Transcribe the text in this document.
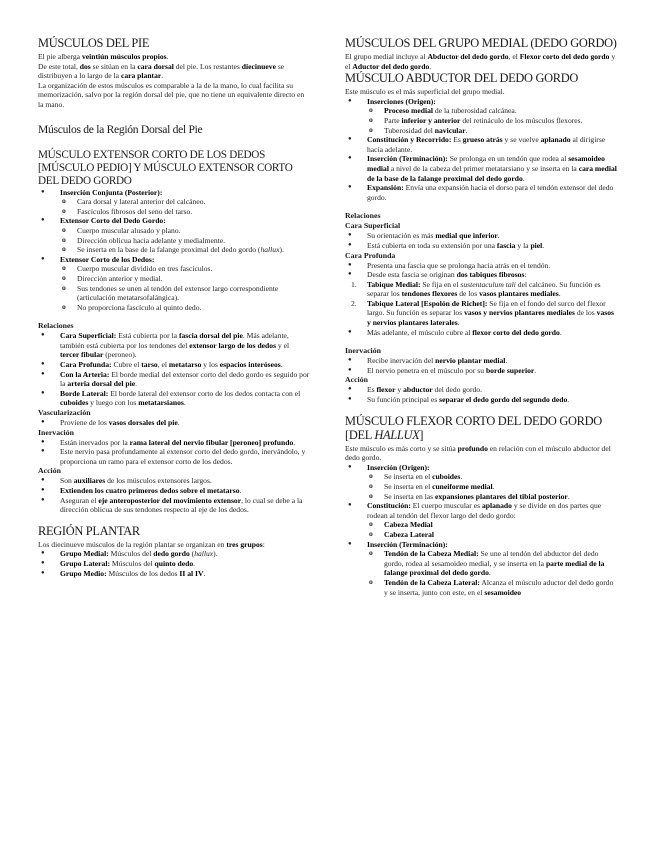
MÚSCULOS DEL PIE

El pie alberga veintiún músculos propios.

De este total, dos se sitúan en la cara dorsal del pie. Los restantes diecinueve se distribuyen a lo largo de la cara plantar.

La organización de estos músculos es comparable a la de la mano, lo cual facilita su memorización, salvo por la región dorsal del pie, que no tiene un equivalente directo en la mano.

Músculos de la Región Dorsal del Pie
MÚSCULO EXTENSOR CORTO DE LOS DEDOS [MÚSCULO PEDIO] Y MÚSCULO EXTENSOR CORTO DEL DEDO GORDO
● Inserción Conjunta (Posterior):
o Cara dorsal y lateral anterior del calcáneo.
o Fascículos fibrosos del seno del tarso.
● Extensor Corto del Dedo Gordo:
o Cuerpo muscular alusado y plano.
o Dirección oblicua hacia adelante y medialmente.
o Se inserta en la base de la falange proximal del dedo gordo (hallux).
● Extensor Corto de los Dedos:
o Cuerpo muscular dividido en tres fascículos.
o Dirección anterior y medial.
o Sus tendones se unen al tendón del extensor largo correspondiente (articulación metatarsofalángica).
o No proporciona fascículo al quinto dedo.

Relaciones

● Cara Superficial: Está cubierta por la fascia dorsal del pie. Más adelante, también está cubierta por los tendones del extensor largo de los dedos y el tercer fibular (peroneo).
● Cara Profunda: Cubre el tarso, el metatarso y los espacios interóseos.
● Con la Arteria: El borde medial del extensor corto del dedo gordo es seguido por la arteria dorsal del pie.
● Borde Lateral: El borde lateral del extensor corto de los dedos contacta con el cuboides y luego con los metatarsianos.

Vascularización

● Proviene de los vasos dorsales del pie.

Inervación

● Están inervados por la rama lateral del nervio fibular [peroneo] profundo.
● Este nervio pasa profundamente al extensor corto del dedo gordo, inervándolo, y proporciona un ramo para el extensor corto de los dedos.

Acción

● Son auxiliares de los músculos extensores largos.
● Extienden los cuatro primeros dedos sobre el metatarso.
● Aseguran el eje anteroposterior del movimiento extensor, lo cual se debe a la dirección oblicua de sus tendones respecto al eje de los dedos.
REGIÓN PLANTAR

Los diecinueve músculos de la región plantar se organizan en tres grupos:

● Grupo Medial: Músculos del dedo gordo (hallux).
● Grupo Lateral: Músculos del quinto dedo.
● Grupo Medio: Músculos de los dedos II al IV.
MÚSCULOS DEL GRUPO MEDIAL (DEDO GORDO)

El grupo medial incluye al Abductor del dedo gordo, el Flexor corto del dedo gordo y el Aductor del dedo gordo.

MÚSCULO ABDUCTOR DEL DEDO GORDO

Este músculo es el más superficial del grupo medial.

● Inserciones (Origen):
o Proceso medial de la tuberosidad calcánea.
o Parte inferior y anterior del retináculo de los músculos flexores.
o Tuberosidad del navicular.
● Constitución y Recorrido: Es grueso atrás y se vuelve aplanado al dirigirse hacia adelante.
● Inserción (Terminación): Se prolonga en un tendón que rodea al sesamoideo medial a nivel de la cabeza del primer metatarsiano y se inserta en la cara medial de la base de la falange proximal del dedo gordo.
● Expansión: Envía una expansión hacia el dorso para el tendón extensor del dedo gordo.

Relaciones

Cara Superficial

● Su orientación es más medial que inferior.
● Está cubierta en toda su extensión por una fascia y la piel.

Cara Profunda

● Presenta una fascia que se prolonga hacia atrás en el tendón.
● Desde esta fascia se originan dos tabiques fibrosos:
1. Tabique Medial: Se fija en el sustentaculum tali del calcáneo. Su función es separar los tendones flexores de los vasos plantares mediales.
2. Tabique Lateral [Espolón de Richet]: Se fija en el fondo del surco del flexor largo. Su función es separar los vasos y nervios plantares mediales de los vasos y nervios plantares laterales.
● Más adelante, el músculo cubre al flexor corto del dedo gordo.

Inervación

● Recibe inervación del nervio plantar medial.
● El nervio penetra en el músculo por su borde superior.

Acción

● Es flexor y abductor del dedo gordo.
● Su función principal es separar el dedo gordo del segundo dedo.
MÚSCULO FLEXOR CORTO DEL DEDO GORDO [DEL HALLUX]

Este músculo es más corto y se sitúa profundo en relación con el músculo abductor del dedo gordo.

● Inserción (Origen):
o Se inserta en el cuboides.
o Se inserta en el cuneiforme medial.
o Se inserta en las expansiones plantares del tibial posterior.
● Constitución: El cuerpo muscular es aplanado y se divide en dos partes que rodean al tendón del flexor largo del dedo gordo:
o Cabeza Medial
o Cabeza Lateral
● Inserción (Terminación):
o Tendón de la Cabeza Medial: Se une al tendón del abductor del dedo gordo, rodea al sesamoideo medial, y se inserta en la parte medial de la falange proximal del dedo gordo.
o Tendón de la Cabeza Lateral: Alcanza el músculo aductor del dedo gordo y se inserta, junto con este, en el sesamoideo
